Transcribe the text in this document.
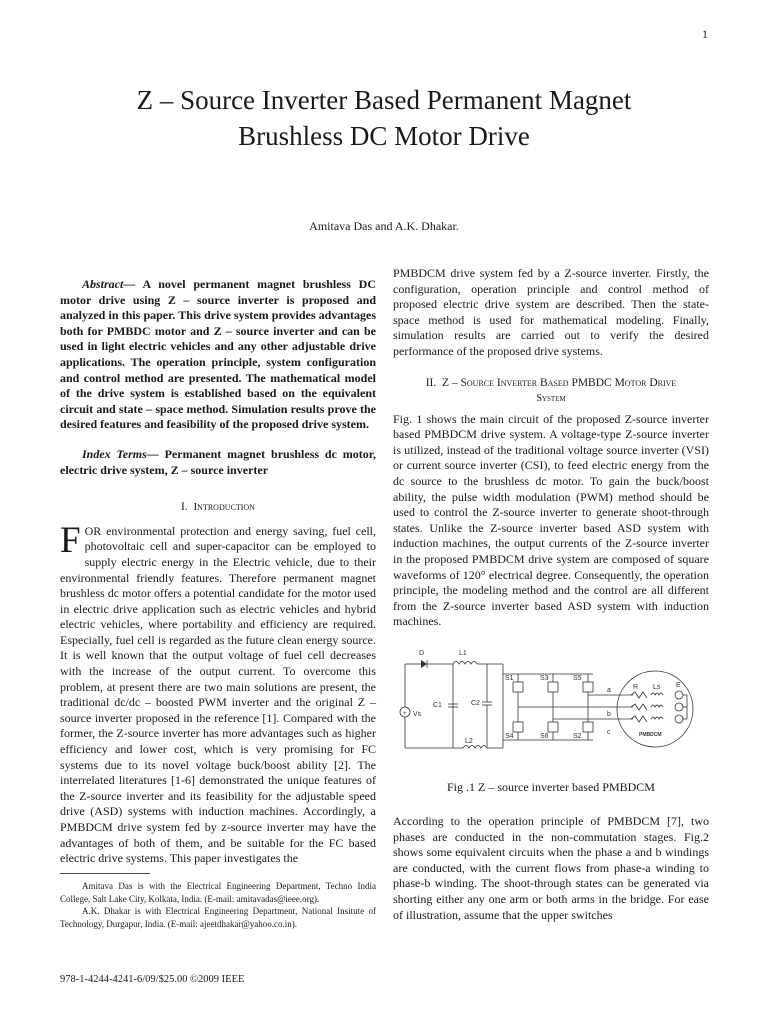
1
Z – Source Inverter Based Permanent Magnet
Brushless DC Motor Drive
Amitava Das and A.K. Dhakar.

Abstract— A novel permanent magnet brushless DC motor drive using Z – source inverter is proposed and analyzed in this paper. This drive system provides advantages both for PMBDC motor and Z – source inverter and can be used in light electric vehicles and any other adjustable drive applications. The operation principle, system configuration and control method are presented. The mathematical model of the drive system is established based on the equivalent circuit and state – space method. Simulation results prove the desired features and feasibility of the proposed drive system.

Index Terms— Permanent magnet brushless dc motor, electric drive system, Z – source inverter

I. Introduction

F OR environmental protection and energy saving, fuel cell, photovoltaic cell and super-capacitor can be employed to supply electric energy in the Electric vehicle, due to their environmental friendly features. Therefore permanent magnet brushless dc motor offers a potential candidate for the motor used in electric drive application such as electric vehicles and hybrid electric vehicles, where portability and efficiency are required. Especially, fuel cell is regarded as the future clean energy source. It is well known that the output voltage of fuel cell decreases with the increase of the output current. To overcome this problem, at present there are two main solutions are present, the traditional dc/dc – boosted PWM inverter and the original Z – source inverter proposed in the reference [1]. Compared with the former, the Z-source inverter has more advantages such as higher efficiency and lower cost, which is very promising for FC systems due to its novel voltage buck/boost ability [2]. The interrelated literatures [1-6] demonstrated the unique features of the Z-source inverter and its feasibility for the adjustable speed drive (ASD) systems with induction machines. Accordingly, a PMBDCM drive system fed by z-source inverter may have the advantages of both of them, and be suitable for the FC based electric drive systems. This paper investigates the

Amitava Das is with the Electrical Engineering Department, Techno India College, Salt Lake City, Kolkata, India. (E-mail: amitavadas@ieee.org).

A.K. Dhakar is with Electrical Engineering Department, National Insitute of Technology, Durgapur, India. (E-mail: ajeetdhakar@yahoo.co.in).

978-1-4244-4241-6/09/$25.00 ©2009 IEEE

PMBDCM drive system fed by a Z-source inverter. Firstly, the configuration, operation principle and control method of proposed electric drive system are described. Then the state-space method is used for mathematical modeling. Finally, simulation results are carried out to verify the desired performance of the proposed drive systems.

II. Z – Source Inverter Based PMBDC Motor Drive
System

Fig. 1 shows the main circuit of the proposed Z-source inverter based PMBDCM drive system. A voltage-type Z-source inverter is utilized, instead of the traditional voltage source inverter (VSI) or current source inverter (CSI), to feed electric energy from the dc source to the brushless dc motor. To gain the buck/boost ability, the pulse width modulation (PWM) method should be used to control the Z-source inverter to generate shoot-through states. Unlike the Z-source inverter based ASD system with induction machines, the output currents of the Z-source inverter in the proposed PMBDCM drive system are composed of square waveforms of 120° electrical degree. Consequently, the operation principle, the modeling method and the control are all different from the Z-source inverter based ASD system with induction machines.

+
D	L1
L2
C1	C2
Vs
S1	S3	S5
S4	S6	S2
a
b
c
R Ls E
PMBDCM
Fig .1 Z – source inverter based PMBDCM

According to the operation principle of PMBDCM [7], two phases are conducted in the non-commutation stages. Fig.2 shows some equivalent circuits when the phase a and b windings are conducted, with the current flows from phase-a winding to phase-b winding. The shoot-through states can be generated via shorting either any one arm or both arms in the bridge. For ease of illustration, assume that the upper switches
